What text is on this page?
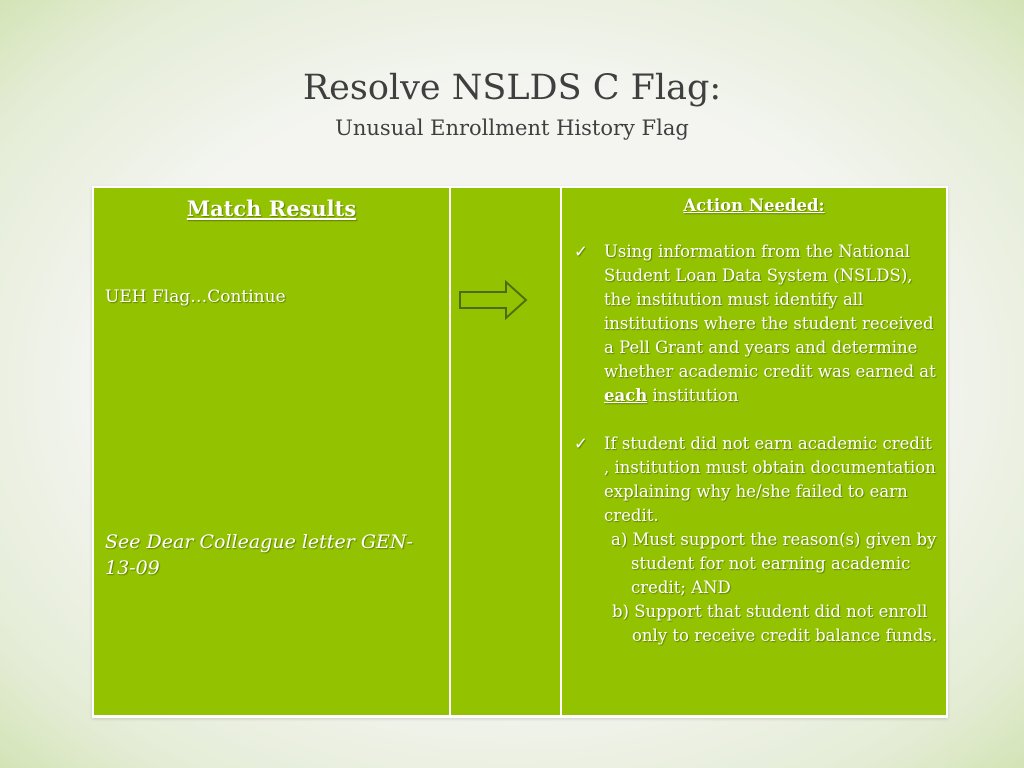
Resolve NSLDS C Flag:
Unusual Enrollment History Flag
Match Results
UEH Flag…Continue
See Dear Colleague letter GEN-13-09
Action Needed:
✓ Using information from the National Student Loan Data System (NSLDS), the institution must identify all institutions where the student received a Pell Grant and years and determine whether academic credit was earned at each institution
✓ If student did not earn academic credit , institution must obtain documentation explaining why he/she failed to earn credit.
a) Must support the reason(s) given by student for not earning academic credit; AND
b) Support that student did not enroll only to receive credit balance funds.
